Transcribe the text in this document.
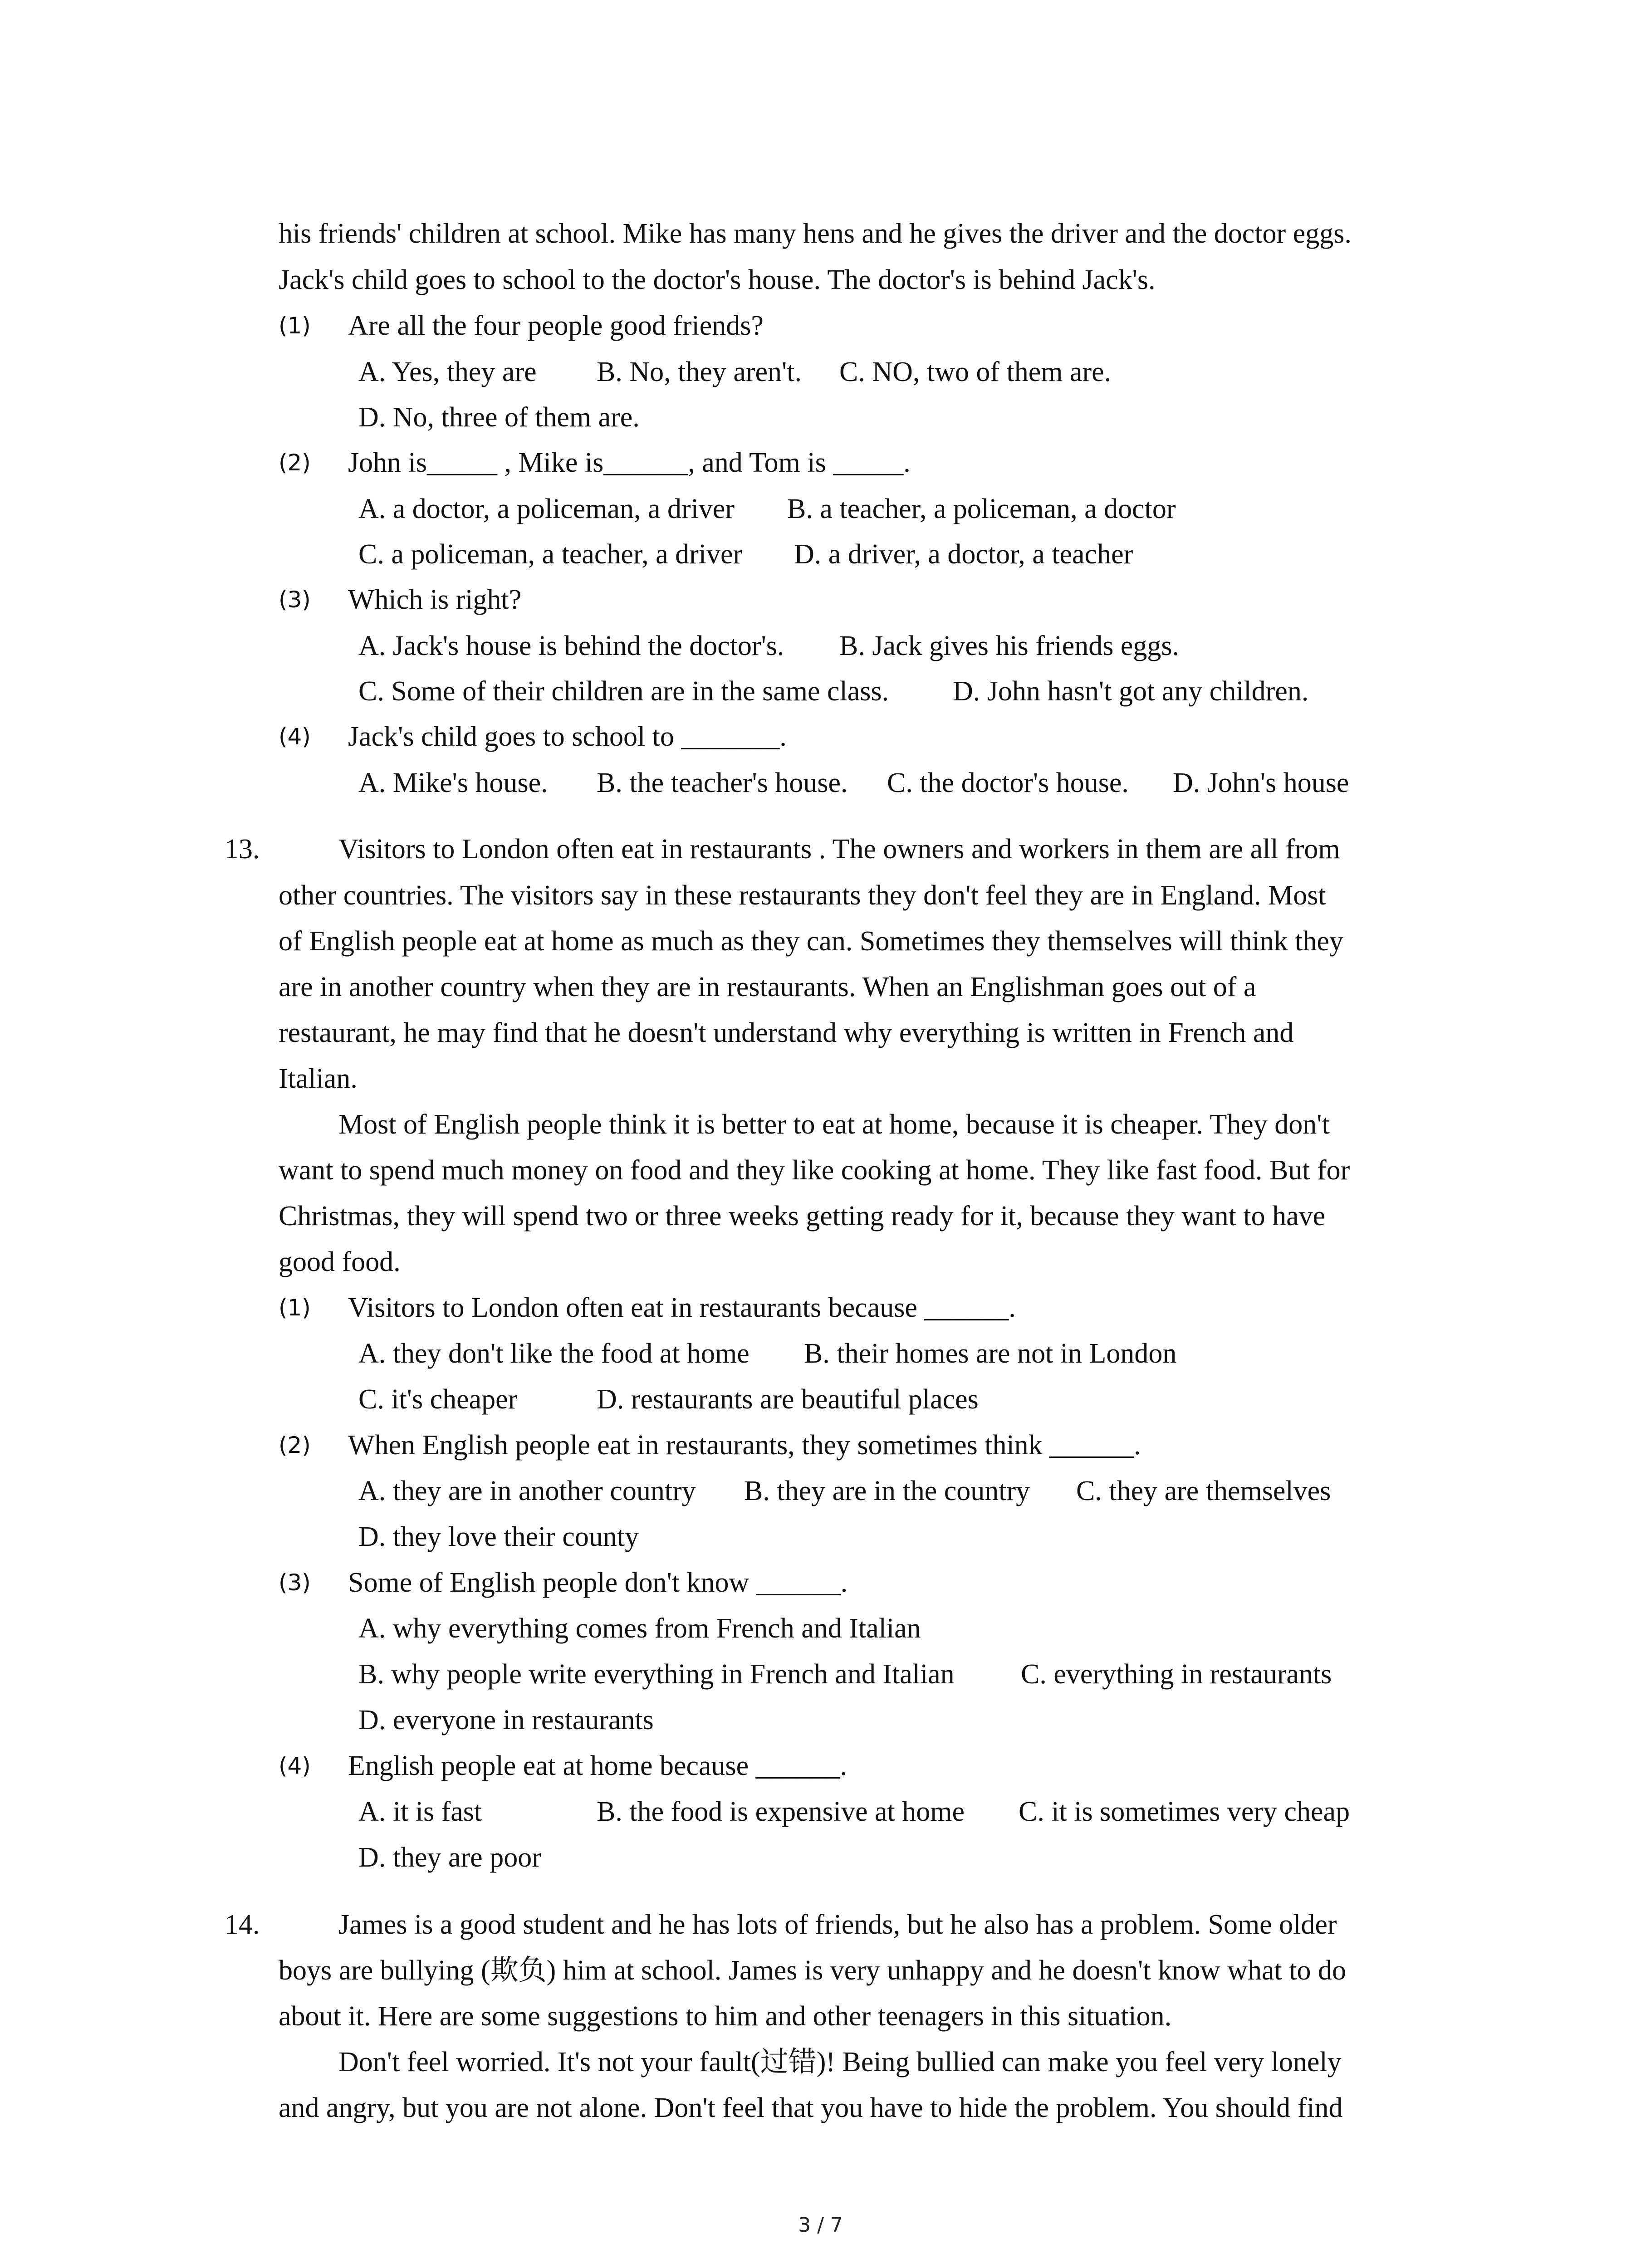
his friends' children at school. Mike has many hens and he gives the driver and the doctor eggs.
Jack's child goes to school to the doctor's house. The doctor's is behind Jack's.
(1) Are all the four people good friends?
A. Yes, they are B. No, they aren't. C. NO, two of them are.
D. No, three of them are.
(2) John is_____ , Mike is______, and Tom is _____.
A. a doctor, a policeman, a driver B. a teacher, a policeman, a doctor
C. a policeman, a teacher, a driver D. a driver, a doctor, a teacher
(3) Which is right?
A. Jack's house is behind the doctor's. B. Jack gives his friends eggs.
C. Some of their children are in the same class. D. John hasn't got any children.
(4) Jack's child goes to school to _______.
A. Mike's house. B. the teacher's house. C. the doctor's house. D. John's house
13.	Visitors to London often eat in restaurants . The owners and workers in them are all from
other countries. The visitors say in these restaurants they don't feel they are in England. Most
of English people eat at home as much as they can. Sometimes they themselves will think they
are in another country when they are in restaurants. When an Englishman goes out of a
restaurant, he may find that he doesn't understand why everything is written in French and
Italian.
Most of English people think it is better to eat at home, because it is cheaper. They don't
want to spend much money on food and they like cooking at home. They like fast food. But for
Christmas, they will spend two or three weeks getting ready for it, because they want to have
good food.
(1) Visitors to London often eat in restaurants because ______.
A. they don't like the food at home B. their homes are not in London
C. it's cheaper	D. restaurants are beautiful places
(2) When English people eat in restaurants, they sometimes think ______.
A. they are in another country B. they are in the country C. they are themselves
D. they love their county
(3) Some of English people don't know ______.
A. why everything comes from French and Italian
B. why people write everything in French and Italian C. everything in restaurants
D. everyone in restaurants
(4) English people eat at home because ______.
A. it is fast	B. the food is expensive at home C. it is sometimes very cheap
D. they are poor
14.	James is a good student and he has lots of friends, but he also has a problem. Some older
boys are bullying (欺负) him at school. James is very unhappy and he doesn't know what to do
about it. Here are some suggestions to him and other teenagers in this situation.
Don't feel worried. It's not your fault(过错)! Being bullied can make you feel very lonely
and angry, but you are not alone. Don't feel that you have to hide the problem. You should find
3 / 7
